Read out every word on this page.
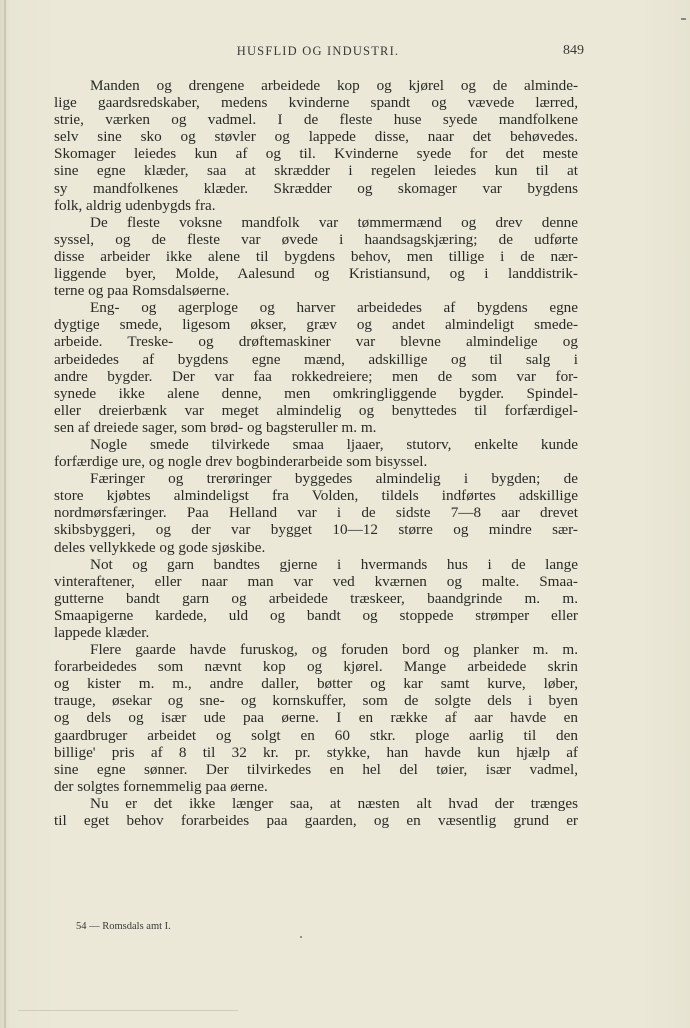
HUSFLID OG INDUSTRI.	849
Manden og drengene arbeidede kop og kjørel og de alminde-
lige gaardsredskaber, medens kvinderne spandt og vævede lærred,
strie, værken og vadmel. I de fleste huse syede mandfolkene
selv sine sko og støvler og lappede disse, naar det behøvedes.
Skomager leiedes kun af og til. Kvinderne syede for det meste
sine egne klæder, saa at skrædder i regelen leiedes kun til at
sy mandfolkenes klæder. Skrædder og skomager var bygdens
folk, aldrig udenbygds fra.
De fleste voksne mandfolk var tømmermænd og drev denne
syssel, og de fleste var øvede i haandsagskjæring; de udførte
disse arbeider ikke alene til bygdens behov, men tillige i de nær-
liggende byer, Molde, Aalesund og Kristiansund, og i landdistrik-
terne og paa Romsdalsøerne.
Eng- og agerploge og harver arbeidedes af bygdens egne
dygtige smede, ligesom økser, græv og andet almindeligt smede-
arbeide. Treske- og drøftemaskiner var blevne almindelige og
arbeidedes af bygdens egne mænd, adskillige og til salg i
andre bygder. Der var faa rokkedreiere; men de som var for-
synede ikke alene denne, men omkringliggende bygder. Spindel-
eller dreierbænk var meget almindelig og benyttedes til forfærdigel-
sen af dreiede sager, som brød- og bagsteruller m. m.
Nogle smede tilvirkede smaa ljaaer, stutorv, enkelte kunde
forfærdige ure, og nogle drev bogbinderarbeide som bisyssel.
Færinger og trerøringer byggedes almindelig i bygden; de
store kjøbtes almindeligst fra Volden, tildels indførtes adskillige
nordmørsfæringer. Paa Helland var i de sidste 7—8 aar drevet
skibsbyggeri, og der var bygget 10—12 større og mindre sær-
deles vellykkede og gode sjøskibe.
Not og garn bandtes gjerne i hvermands hus i de lange
vinteraftener, eller naar man var ved kværnen og malte. Smaa-
gutterne bandt garn og arbeidede træskeer, baandgrinde m. m.
Smaapigerne kardede, uld og bandt og stoppede strømper eller
lappede klæder.
Flere gaarde havde furuskog, og foruden bord og planker m. m.
forarbeidedes som nævnt kop og kjørel. Mange arbeidede skrin
og kister m. m., andre daller, bøtter og kar samt kurve, løber,
trauge, øsekar og sne- og kornskuffer, som de solgte dels i byen
og dels og især ude paa øerne. I en række af aar havde en
gaardbruger arbeidet og solgt en 60 stkr. ploge aarlig til den
billige' pris af 8 til 32 kr. pr. stykke, han havde kun hjælp af
sine egne sønner. Der tilvirkedes en hel del tøier, især vadmel,
der solgtes fornemmelig paa øerne.
Nu er det ikke længer saa, at næsten alt hvad der trænges
til eget behov forarbeides paa gaarden, og en væsentlig grund er
54 — Romsdals amt I.
